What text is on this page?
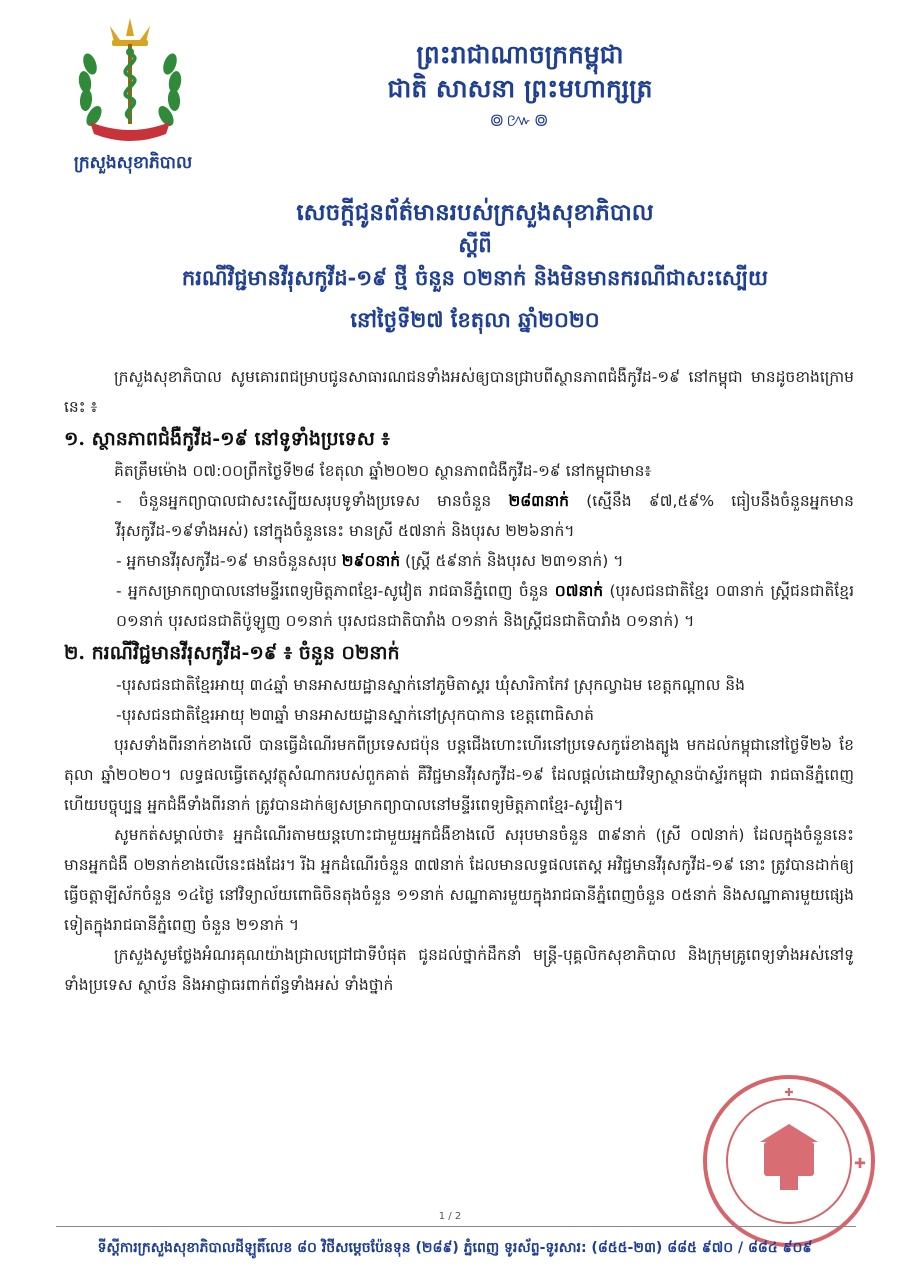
ក្រសួងសុខាភិបាល
ព្រះរាជាណាចក្រកម្ពុជា
ជាតិ សាសនា ព្រះមហាក្សត្រ
៙៚៙
សេចក្តីជូនព័ត៌មានរបស់ក្រសួងសុខាភិបាល
ស្តីពី
ករណីវិជ្ជមានវីរុសកូវីដ-១៩ ថ្មី ចំនួន ០២នាក់ និងមិនមានករណីជាសះស្បើយ
នៅថ្ងៃទី២៧ ខែតុលា ឆ្នាំ២០២០

ក្រសួងសុខាភិបាល សូមគោរពជម្រាបជូនសាធារណជនទាំងអស់ឲ្យបានជ្រាបពីស្ថានភាពជំងឺកូវីដ-១៩ នៅកម្ពុជា មានដូចខាងក្រោមនេះ ៖

១. ស្ថានភាពជំងឺកូវីដ-១៩ នៅទូទាំងប្រទេស ៖

គិតត្រឹមម៉ោង ០៧:០០ព្រឹកថ្ងៃទី២៨ ខែតុលា ឆ្នាំ២០២០ ស្ថានភាពជំងឺកូវីដ-១៩ នៅកម្ពុជាមាន៖

- ចំនួនអ្នកព្យាបាលជាសះស្បើយសរុបទូទាំងប្រទេស មានចំនួន ២៨៣នាក់ (ស្មើនឹង ៩៧,៥៩% ធៀបនឹងចំនួនអ្នកមានវីរុសកូវីដ-១៩ទាំងអស់) នៅក្នុងចំនួននេះ មានស្រី ៥៧នាក់ និងបុរស ២២៦នាក់។

- អ្នកមានវីរុសកូវីដ-១៩ មានចំនួនសរុប ២៩០នាក់ (ស្ត្រី ៥៩នាក់ និងបុរស ២៣១នាក់) ។

- អ្នកសម្រាកព្យាបាលនៅមន្ទីរពេទ្យមិត្តភាពខ្មែរ-សូវៀត រាជធានីភ្នំពេញ ចំនួន ០៧នាក់ (បុរសជនជាតិខ្មែរ ០៣នាក់ ស្ត្រីជនជាតិខ្មែរ ០១នាក់ បុរសជនជាតិប៉ូឡូញ ០១នាក់ បុរសជនជាតិបារាំង ០១នាក់ និងស្ត្រីជនជាតិបារាំង ០១នាក់) ។

២. ករណីវិជ្ជមានវីរុសកូវីដ-១៩ ៖ ចំនួន ០២នាក់

-បុរសជនជាតិខ្មែរអាយុ ៣៤ឆ្នាំ មានអាសយដ្ឋានស្នាក់នៅភូមិតាស្គរ ឃុំសារិកាកែវ ស្រុកល្វាឯម ខេត្តកណ្តាល និង

-បុរសជនជាតិខ្មែរអាយុ ២៣ឆ្នាំ មានអាសយដ្ឋានស្នាក់នៅស្រុកបាកាន ខេត្តពោធិសាត់

បុរសទាំងពីរនាក់ខាងលើ បានធ្វើដំណើរមកពីប្រទេសជប៉ុន បន្តជើងហោះហើរនៅប្រទេសកូរ៉េខាងត្បូង មកដល់កម្ពុជានៅថ្ងៃទី២៦ ខែតុលា ឆ្នាំ២០២០។ លទ្ធផលធ្វើតេស្តវត្ថុសំណាករបស់ពួកគាត់ គឺវិជ្ជមានវីរុសកូវីដ-១៩ ដែលផ្តល់ដោយវិទ្យាស្ថានប៉ាស្ទ័រកម្ពុជា រាជធានីភ្នំពេញ ហើយបច្ចុប្បន្ន អ្នកជំងឺទាំងពីរនាក់ ត្រូវបានដាក់ឲ្យសម្រាកព្យាបាលនៅមន្ទីរពេទ្យមិត្តភាពខ្មែរ-សូវៀត។

សូមកត់សម្គាល់ថា៖ អ្នកដំណើរតាមយន្តហោះជាមួយអ្នកជំងឺខាងលើ សរុបមានចំនួន ៣៩នាក់ (ស្រី ០៧នាក់) ដែលក្នុងចំនួននេះ មានអ្នកជំងឺ ០២នាក់ខាងលើនេះផងដែរ។ រីឯ អ្នកដំណើរចំនួន ៣៧នាក់ ដែលមានលទ្ធផលតេស្ត អវិជ្ជមានវីរុសកូវីដ-១៩ នោះ ត្រូវបានដាក់ឲ្យធ្វើចត្តាឡីស័កចំនួន ១៤ថ្ងៃ នៅវិទ្យាល័យពោធិចិនតុងចំនួន ១១នាក់ សណ្ឋាគារមួយក្នុងរាជធានីភ្នំពេញចំនួន ០៥នាក់ និងសណ្ឋាគារមួយផ្សេងទៀតក្នុងរាជធានីភ្នំពេញ ចំនួន ២១នាក់ ។

ក្រសួងសូមថ្លែងអំណរគុណយ៉ាងជ្រាលជ្រៅជាទីបំផុត ជូនដល់ថ្នាក់ដឹកនាំ មន្ត្រី-បុគ្គលិកសុខាភិបាល និងក្រុមគ្រូពេទ្យទាំងអស់នៅទូទាំងប្រទេស ស្ថាប័ន និងអាជ្ញាធរពាក់ព័ន្ធទាំងអស់ ទាំងថ្នាក់

✚
✚
1 / 2
ទីស្តីការក្រសួងសុខាភិបាលដីឡូតិ៍លេខ ៨០ វិថីសម្តេចប៉ែនទុន (២៨៩) ភ្នំពេញ ទូរស័ព្ទ-ទូរសារ: (៨៥៥-២៣) ៨៨៥ ៩៧០ / ៨៨៤ ៩០៩
